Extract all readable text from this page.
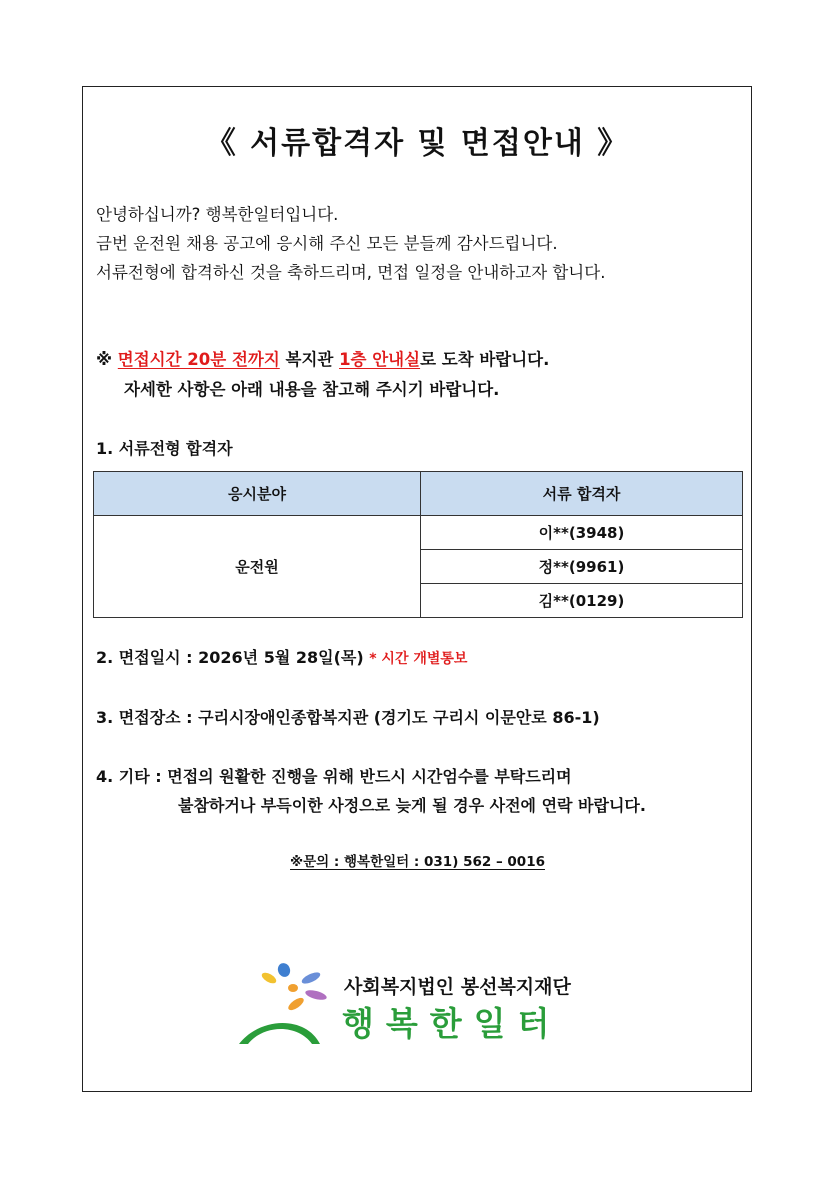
《 서류합격자 및 면접안내 》
안녕하십니까? 행복한일터입니다.
금번 운전원 채용 공고에 응시해 주신 모든 분들께 감사드립니다.
서류전형에 합격하신 것을 축하드리며, 면접 일정을 안내하고자 합니다.
※ 면접시간 20분 전까지 복지관 1층 안내실로 도착 바랍니다.
자세한 사항은 아래 내용을 참고해 주시기 바랍니다.
1. 서류전형 합격자
응시분야	서류 합격자
운전원	이**(3948)
	정**(9961)
	김**(0129)
2. 면접일시 : 2026년 5월 28일(목) * 시간 개별통보
3. 면접장소 : 구리시장애인종합복지관 (경기도 구리시 이문안로 86-1)
4. 기타 : 면접의 원활한 진행을 위해 반드시 시간엄수를 부탁드리며
불참하거나 부득이한 사정으로 늦게 될 경우 사전에 연락 바랍니다.
※문의 : 행복한일터 : 031) 562 – 0016
사회복지법인 봉선복지재단
행복한일터
